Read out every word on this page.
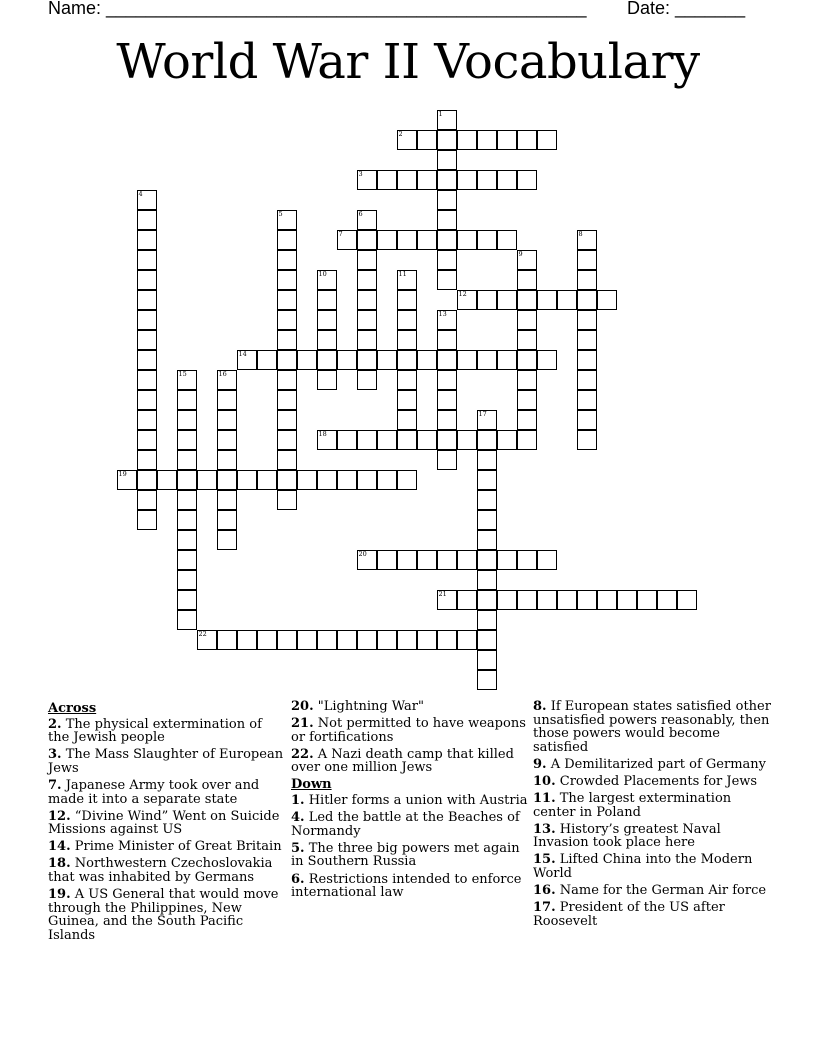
Name: ________________________________________________ Date: _______
World War II Vocabulary
1
2
3
4
5	6
7	8
9
10	11
12
13
14
15	16
17
18
19
20
21
22
Across
2. The physical extermination of the Jewish people
3. The Mass Slaughter of European Jews
7. Japanese Army took over and made it into a separate state
12. “Divine Wind” Went on Suicide Missions against US
14. Prime Minister of Great Britain
18. Northwestern Czechoslovakia that was inhabited by Germans
19. A US General that would move through the Philippines, New Guinea, and the South Pacific Islands
20. "Lightning War"
21. Not permitted to have weapons or fortifications
22. A Nazi death camp that killed over one million Jews
Down
1. Hitler forms a union with Austria
4. Led the battle at the Beaches of Normandy
5. The three big powers met again in Southern Russia
6. Restrictions intended to enforce international law
8. If European states satisfied other unsatisfied powers reasonably, then those powers would become satisfied
9. A Demilitarized part of Germany
10. Crowded Placements for Jews
11. The largest extermination center in Poland
13. History’s greatest Naval Invasion took place here
15. Lifted China into the Modern World
16. Name for the German Air force
17. President of the US after Roosevelt
